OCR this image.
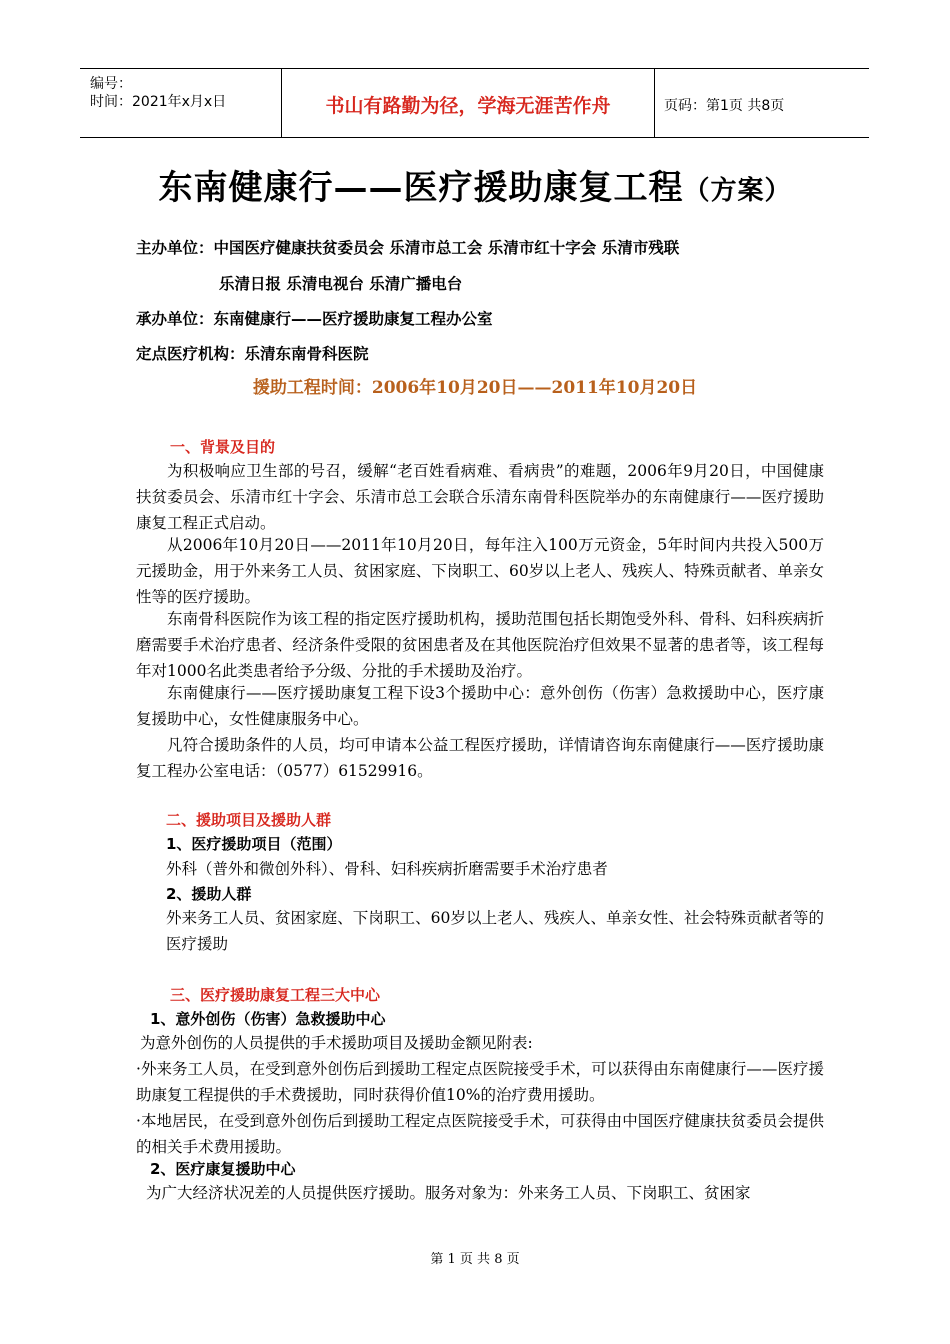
编号：
时间：2021年x月x日	书山有路勤为径，学海无涯苦作舟	页码：第1页 共8页
东南健康行——医疗援助康复工程（方案）
主办单位：中国医疗健康扶贫委员会 乐清市总工会 乐清市红十字会 乐清市残联
乐清日报 乐清电视台 乐清广播电台
承办单位：东南健康行——医疗援助康复工程办公室
定点医疗机构：乐清东南骨科医院
援助工程时间：2006年10月20日——2011年10月20日
一、背景及目的
为积极响应卫生部的号召，缓解“老百姓看病难、看病贵”的难题，2006年9月20日，中国健康扶贫委员会、乐清市红十字会、乐清市总工会联合乐清东南骨科医院举办的东南健康行——医疗援助康复工程正式启动。
从2006年10月20日——2011年10月20日，每年注入100万元资金，5年时间内共投入500万元援助金，用于外来务工人员、贫困家庭、下岗职工、60岁以上老人、残疾人、特殊贡献者、单亲女性等的医疗援助。
东南骨科医院作为该工程的指定医疗援助机构，援助范围包括长期饱受外科、骨科、妇科疾病折磨需要手术治疗患者、经济条件受限的贫困患者及在其他医院治疗但效果不显著的患者等，该工程每年对1000名此类患者给予分级、分批的手术援助及治疗。
东南健康行——医疗援助康复工程下设3个援助中心：意外创伤（伤害）急救援助中心，医疗康复援助中心，女性健康服务中心。
凡符合援助条件的人员，均可申请本公益工程医疗援助，详情请咨询东南健康行——医疗援助康复工程办公室电话：（0577）61529916。
二、援助项目及援助人群
1、医疗援助项目（范围）
外科（普外和微创外科）、骨科、妇科疾病折磨需要手术治疗患者
2、援助人群
外来务工人员、贫困家庭、下岗职工、60岁以上老人、残疾人、单亲女性、社会特殊贡献者等的医疗援助
三、医疗援助康复工程三大中心
1、意外创伤（伤害）急救援助中心
为意外创伤的人员提供的手术援助项目及援助金额见附表:
·外来务工人员，在受到意外创伤后到援助工程定点医院接受手术，可以获得由东南健康行——医疗援助康复工程提供的手术费援助，同时获得价值10%的治疗费用援助。
·本地居民，在受到意外创伤后到援助工程定点医院接受手术，可获得由中国医疗健康扶贫委员会提供的相关手术费用援助。
2、医疗康复援助中心
为广大经济状况差的人员提供医疗援助。服务对象为：外来务工人员、下岗职工、贫困家
第 1 页 共 8 页
